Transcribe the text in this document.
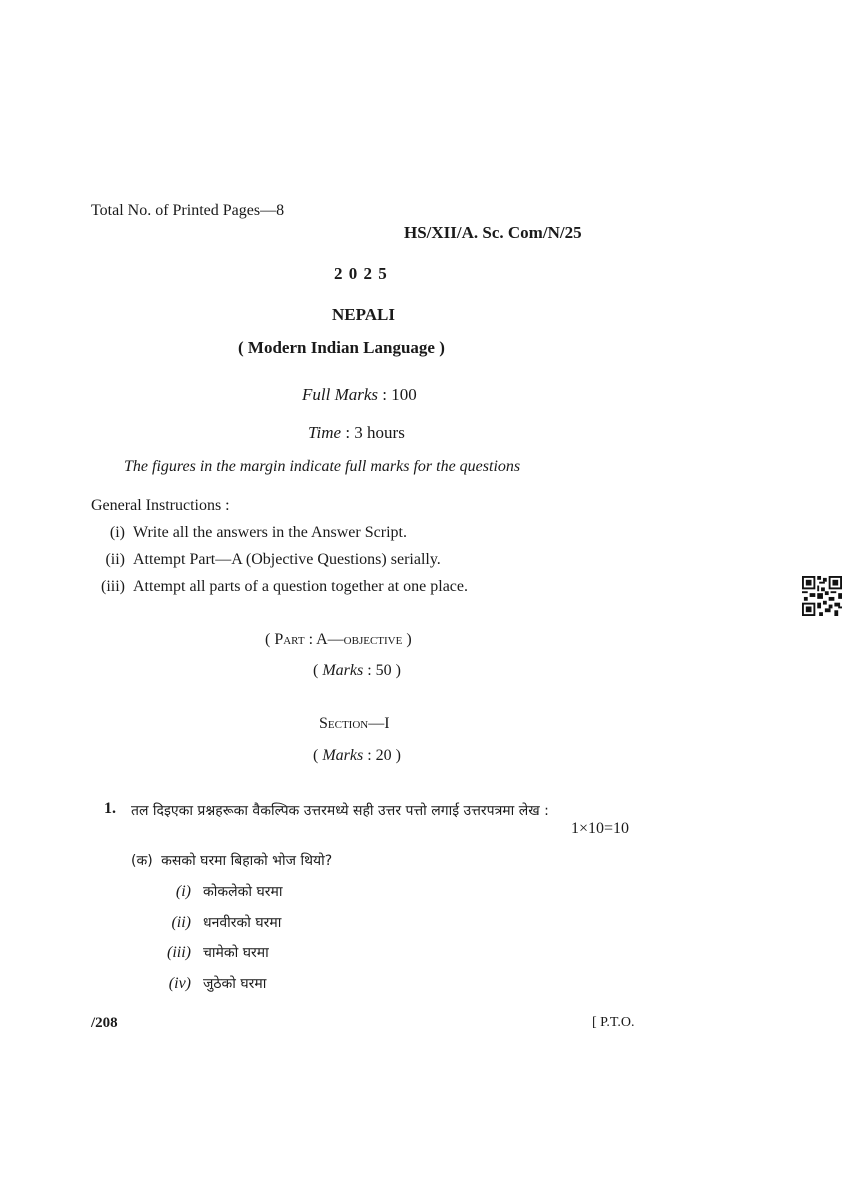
Total No. of Printed Pages—8
HS/XII/A. Sc. Com/N/25
2 0 2 5
NEPALI
( Modern Indian Language )
Full Marks : 100
Time : 3 hours
The figures in the margin indicate full marks for the questions
General Instructions :
(i) Write all the answers in the Answer Script.
(ii) Attempt Part—A (Objective Questions) serially.
(iii) Attempt all parts of a question together at one place.
( Part : A—objective )
( Marks : 50 )
Section—I
( Marks : 20 )
1. तल दिइएका प्रश्नहरूका वैकल्पिक उत्तरमध्ये सही उत्तर पत्तो लगाई उत्तरपत्रमा लेख :
1×10=10
(क) कसको घरमा बिहाको भोज थियो?
(i) कोकलेको घरमा
(ii) धनवीरको घरमा
(iii) चामेको घरमा
(iv) जुठेको घरमा
/208	[ P.T.O.
